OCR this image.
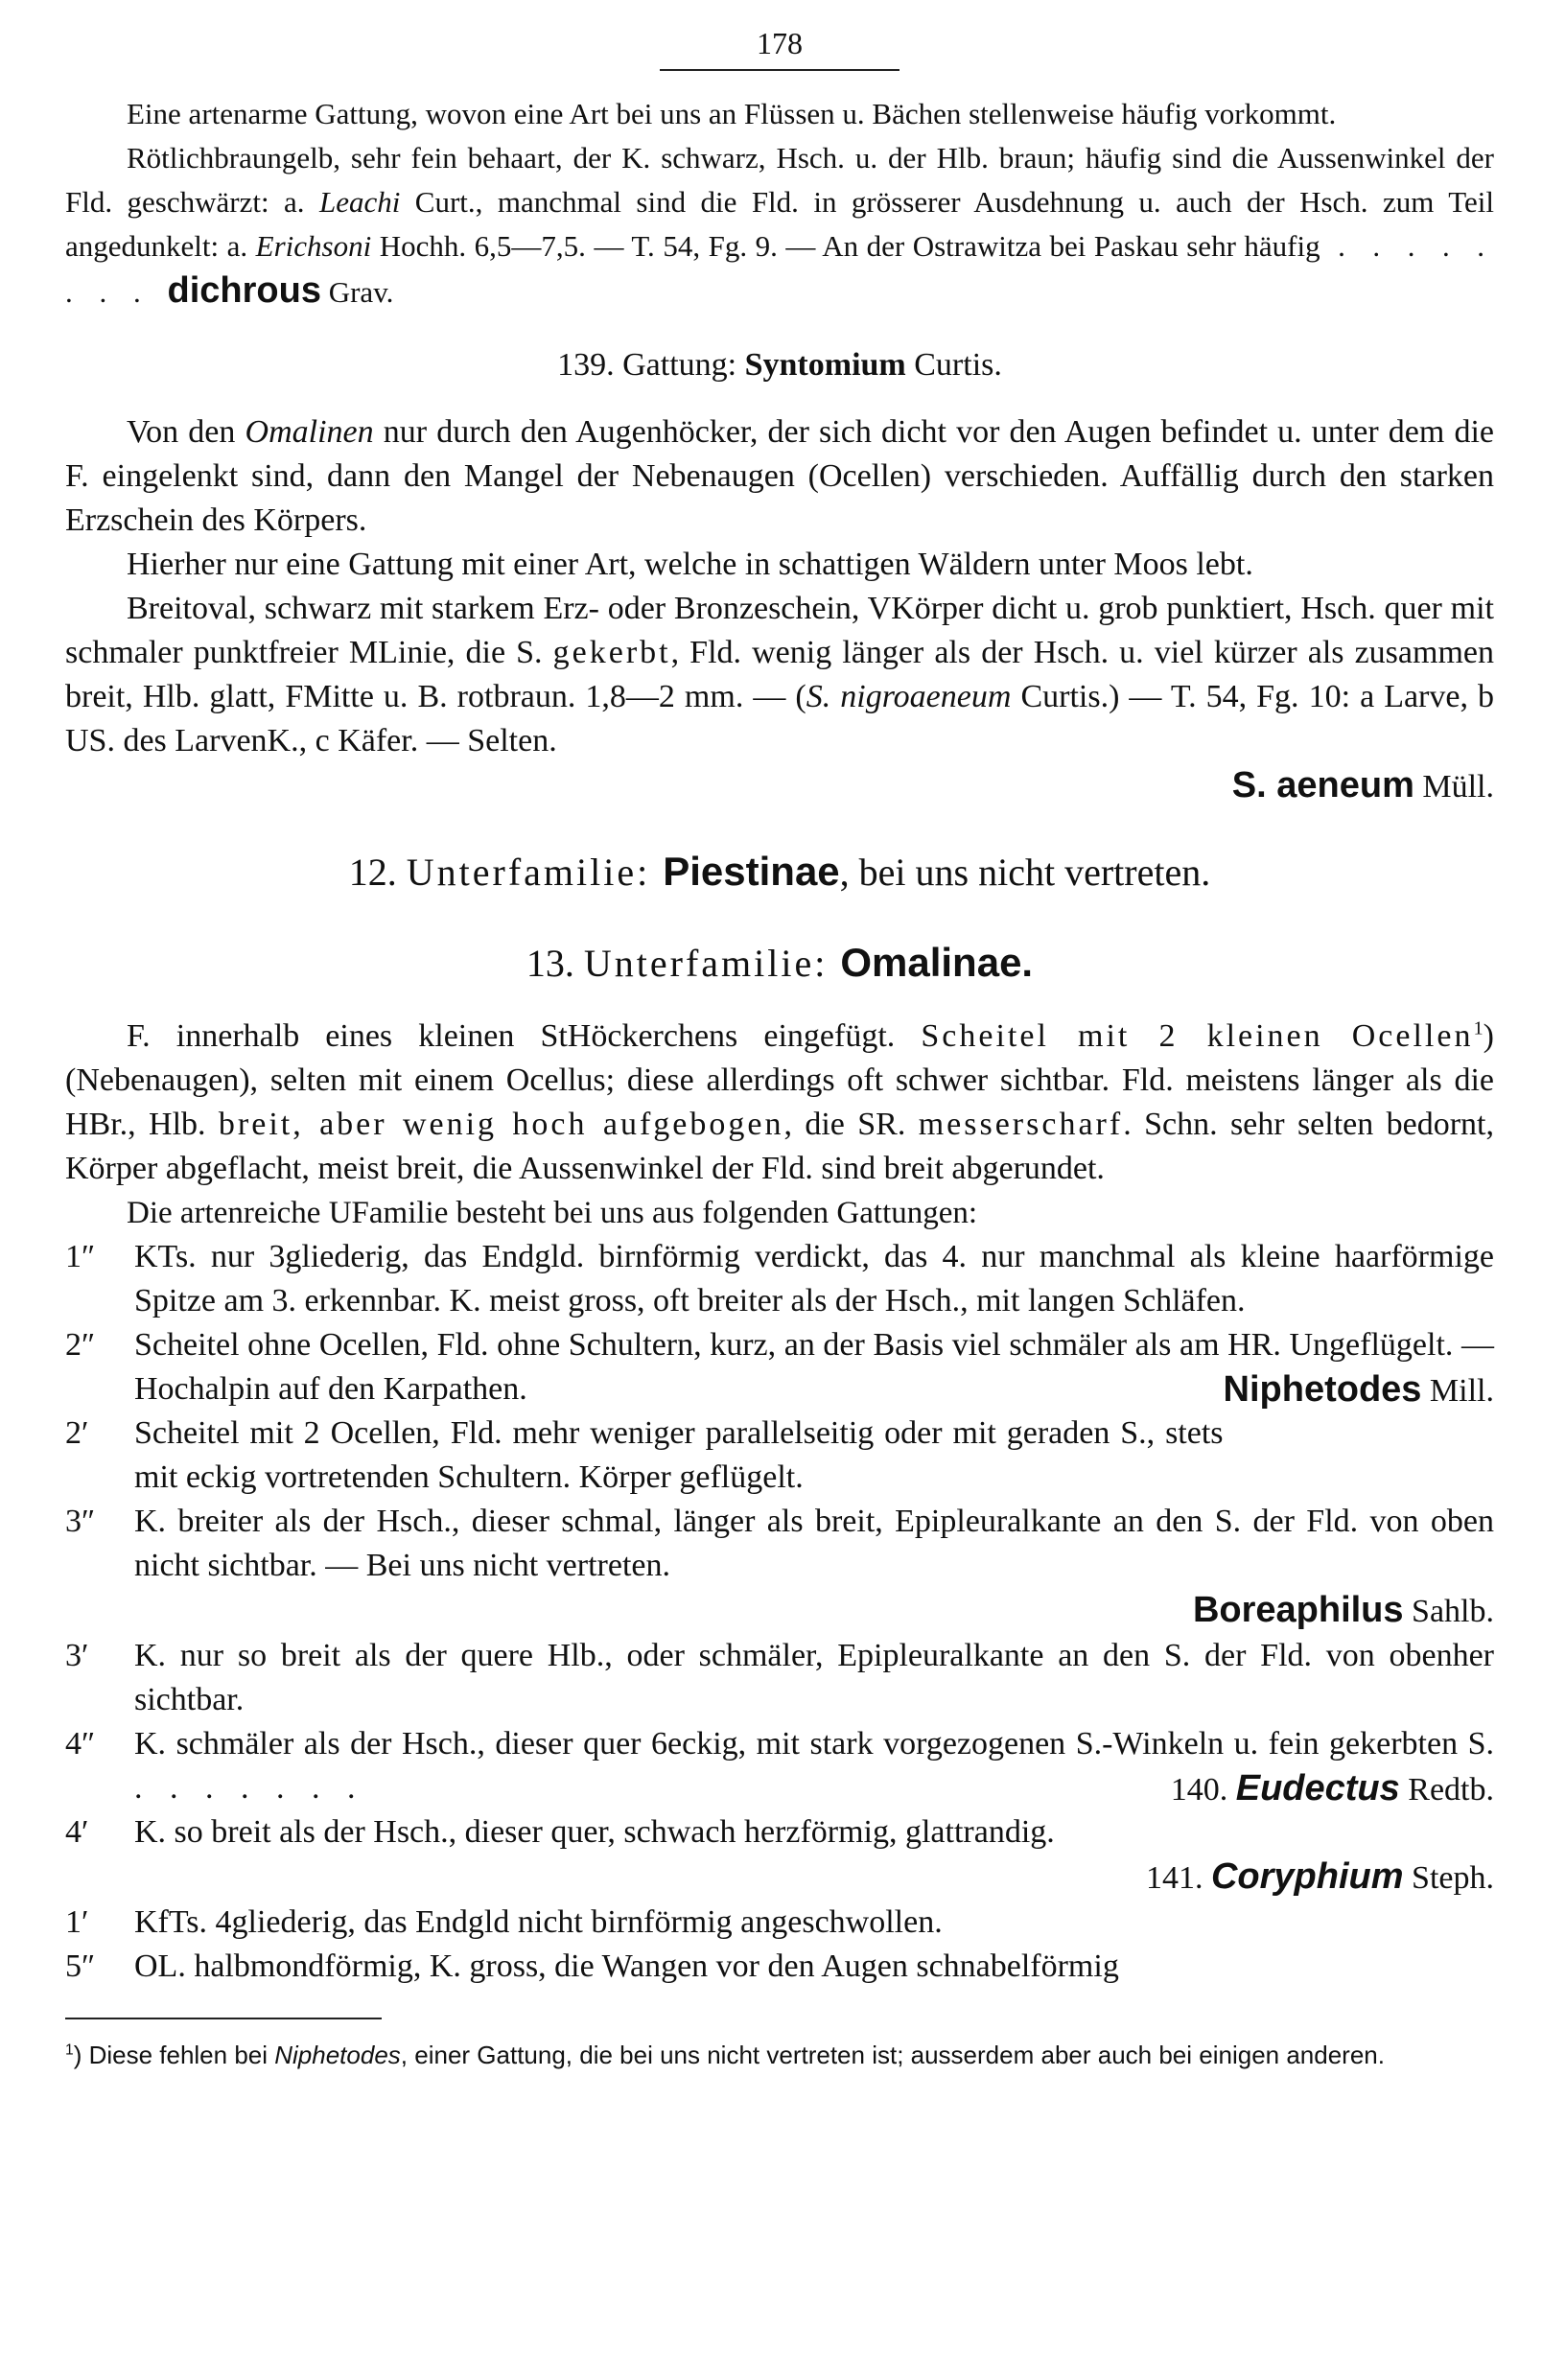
178

Eine artenarme Gattung, wovon eine Art bei uns an Flüssen u. Bächen stellenweise häufig vorkommt.

Rötlichbraungelb, sehr fein behaart, der K. schwarz, Hsch. u. der Hlb. braun; häufig sind die Aussenwinkel der Fld. geschwärzt: a. Leachi Curt., manchmal sind die Fld. in grösserer Ausdehnung u. auch der Hsch. zum Teil angedunkelt: a. Erichsoni Hochh. 6,5—7,5. — T. 54, Fg. 9. — An der Ostrawitza bei Paskau sehr häufig . . . . . . . . dichrous Grav.

139. Gattung: Syntomium Curtis.

Von den Omalinen nur durch den Augenhöcker, der sich dicht vor den Augen befindet u. unter dem die F. eingelenkt sind, dann den Mangel der Nebenaugen (Ocellen) verschieden. Auffällig durch den starken Erzschein des Körpers.

Hierher nur eine Gattung mit einer Art, welche in schattigen Wäldern unter Moos lebt.

Breitoval, schwarz mit starkem Erz- oder Bronzeschein, VKörper dicht u. grob punktiert, Hsch. quer mit schmaler punktfreier MLinie, die S. gekerbt, Fld. wenig länger als der Hsch. u. viel kürzer als zusammen breit, Hlb. glatt, FMitte u. B. rotbraun. 1,8—2 mm. — (S. nigroaeneum Curtis.) — T. 54, Fg. 10: a Larve, b US. des LarvenK., c Käfer. — Selten.

S. aeneum Müll.

12. Unterfamilie: Piestinae, bei uns nicht vertreten.
13. Unterfamilie: Omalinae.

F. innerhalb eines kleinen StHöckerchens eingefügt. Scheitel mit 2 kleinen Ocellen$^1$) (Nebenaugen), selten mit einem Ocellus; diese allerdings oft schwer sichtbar. Fld. meistens länger als die HBr., Hlb. breit, aber wenig hoch aufgebogen, die SR. messerscharf. Schn. sehr selten bedornt, Körper abgeflacht, meist breit, die Aussenwinkel der Fld. sind breit abgerundet.

Die artenreiche UFamilie besteht bei uns aus folgenden Gattungen:

1″ KTs. nur 3gliederig, das Endgld. birnförmig verdickt, das 4. nur manchmal als kleine haarförmige Spitze am 3. erkennbar. K. meist gross, oft breiter als der Hsch., mit langen Schläfen.
2″ Scheitel ohne Ocellen, Fld. ohne Schultern, kurz, an der Basis viel schmäler als am HR. Ungeflügelt. — Hochalpin auf den Karpathen.	Niphetodes Mill.
2′ Scheitel mit 2 Ocellen, Fld. mehr weniger parallelseitig oder mit geraden S., stets mit eckig vortretenden Schultern. Körper geflügelt.
3″ K. breiter als der Hsch., dieser schmal, länger als breit, Epipleuralkante an den S. der Fld. von oben nicht sichtbar. — Bei uns nicht vertreten.
Boreaphilus Sahlb.
3′ K. nur so breit als der quere Hlb., oder schmäler, Epipleuralkante an den S. der Fld. von obenher sichtbar.
4″ K. schmäler als der Hsch., dieser quer 6eckig, mit stark vorgezogenen S.-Winkeln u. fein gekerbten S. . . . . . . .	140. Eudectus Redtb.
4′ K. so breit als der Hsch., dieser quer, schwach herzförmig, glattrandig.
141. Coryphium Steph.
1′ KfTs. 4gliederig, das Endgld nicht birnförmig angeschwollen.
5″ OL. halbmondförmig, K. gross, die Wangen vor den Augen schnabelförmig

$^1$) Diese fehlen bei Niphetodes, einer Gattung, die bei uns nicht vertreten ist; ausserdem aber auch bei einigen anderen.
